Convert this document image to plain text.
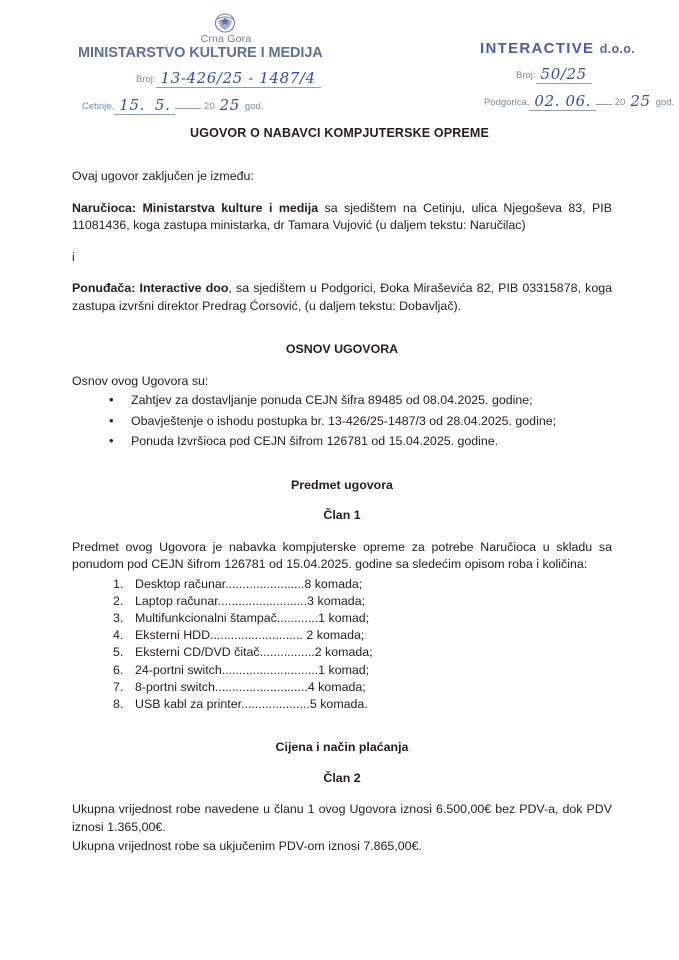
Crna Gora
MINISTARSTVO KULTURE I MEDIJA
Broj: 13-426/25 - 1487/4
Cetinje, 15. 5.	20 25 god.
INTERACTIVE d.o.o.
Broj: 50/25
Podgorica, 02. 06. 20 25 god.
UGOVOR O NABAVCI KOMPJUTERSKE OPREME

Ovaj ugovor zaključen je između:

Naručioca: Ministarstva kulture i medija sa sjedištem na Cetinju, ulica Njegoševa 83, PIB 11081436, koga zastupa ministarka, dr Tamara Vujović (u daljem tekstu: Naručilac)

i

Ponuđača: Interactive doo, sa sjedištem u Podgorici, Đoka Miraševića 82, PIB 03315878, koga zastupa izvršni direktor Predrag Ćorsović, (u daljem tekstu: Dobavljač).

OSNOV UGOVORA

Osnov ovog Ugovora su:

• Zahtjev za dostavljanje ponuda CEJN šifra 89485 od 08.04.2025. godine;
• Obavještenje o ishodu postupka br. 13-426/25-1487/3 od 28.04.2025. godine;
• Ponuda Izvršioca pod CEJN šifrom 126781 od 15.04.2025. godine.

Predmet ugovora

Član 1

Predmet ovog Ugovora je nabavka kompjuterske opreme za potrebe Naručioca u skladu sa ponudom pod CEJN šifrom 126781 od 15.04.2025. godine sa sledećim opisom roba i količina:

Desktop računar.......................8 komada;
Laptop računar..........................3 komada;
Multifunkcionalni štampač............1 komad;
Eksterni HDD........................... 2 komada;
Eksterni CD/DVD čitač................2 komada;
24-portni switch............................1 komad;
8-portni switch...........................4 komada;
USB kabl za printer....................5 komada.

Cijena i način plaćanja

Član 2

Ukupna vrijednost robe navedene u članu 1 ovog Ugovora iznosi 6.500,00€ bez PDV-a, dok PDV iznosi 1.365,00€.

Ukupna vrijednost robe sa ukjučenim PDV-om iznosi 7.865,00€.
